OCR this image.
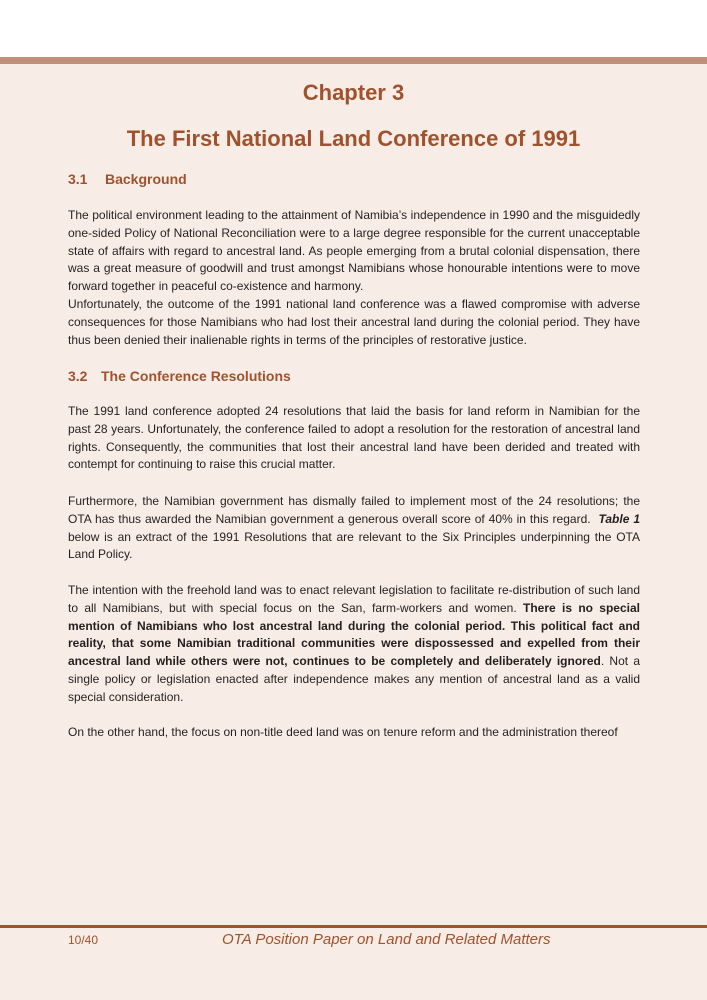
Chapter 3
The First National Land Conference of 1991
3.1 Background
The political environment leading to the attainment of Namibia’s independence in 1990 and the misguidedly one-sided Policy of National Reconciliation were to a large degree responsible for the current unacceptable state of affairs with regard to ancestral land. As people emerging from a brutal colonial dispensation, there was a great measure of goodwill and trust amongst Namibians whose honourable intentions were to move forward together in peaceful co-existence and harmony.
Unfortunately, the outcome of the 1991 national land conference was a flawed compromise with adverse consequences for those Namibians who had lost their ancestral land during the colonial period. They have thus been denied their inalienable rights in terms of the principles of restorative justice.
3.2 The Conference Resolutions
The 1991 land conference adopted 24 resolutions that laid the basis for land reform in Namibian for the past 28 years. Unfortunately, the conference failed to adopt a resolution for the restoration of ancestral land rights. Consequently, the communities that lost their ancestral land have been derided and treated with contempt for continuing to raise this crucial matter.
Furthermore, the Namibian government has dismally failed to implement most of the 24 resolutions; the OTA has thus awarded the Namibian government a generous overall score of 40% in this regard. Table 1 below is an extract of the 1991 Resolutions that are relevant to the Six Principles underpinning the OTA Land Policy.
The intention with the freehold land was to enact relevant legislation to facilitate re-distribution of such land to all Namibians, but with special focus on the San, farm-workers and women. There is no special mention of Namibians who lost ancestral land during the colonial period. This political fact and reality, that some Namibian traditional communities were dispossessed and expelled from their ancestral land while others were not, continues to be completely and deliberately ignored. Not a single policy or legislation enacted after independence makes any mention of ancestral land as a valid special consideration.
On the other hand, the focus on non-title deed land was on tenure reform and the administration thereof
10/40	OTA Position Paper on Land and Related Matters
